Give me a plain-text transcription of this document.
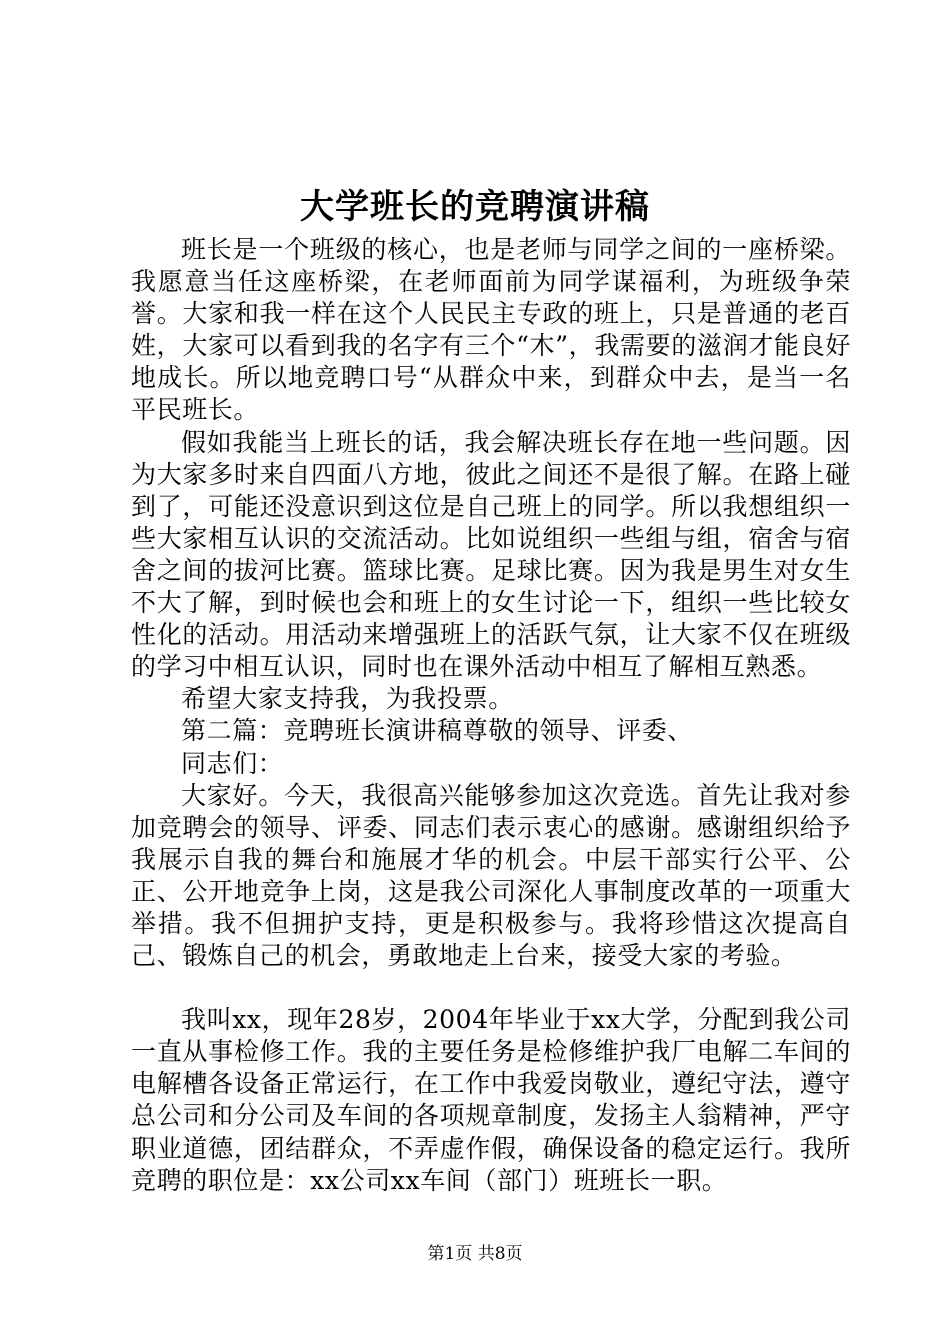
大学班长的竞聘演讲稿

班长是一个班级的核心，也是老师与同学之间的一座桥梁。我愿意当任这座桥梁，在老师面前为同学谋福利，为班级争荣誉。大家和我一样在这个人民民主专政的班上，只是普通的老百姓，大家可以看到我的名字有三个“木”，我需要的滋润才能良好地成长。所以地竞聘口号“从群众中来，到群众中去，是当一名平民班长。

假如我能当上班长的话，我会解决班长存在地一些问题。因为大家多时来自四面八方地，彼此之间还不是很了解。在路上碰到了，可能还没意识到这位是自己班上的同学。所以我想组织一些大家相互认识的交流活动。比如说组织一些组与组，宿舍与宿舍之间的拔河比赛。篮球比赛。足球比赛。因为我是男生对女生不大了解，到时候也会和班上的女生讨论一下，组织一些比较女性化的活动。用活动来增强班上的活跃气氛，让大家不仅在班级的学习中相互认识，同时也在课外活动中相互了解相互熟悉。

希望大家支持我，为我投票。

第二篇：竞聘班长演讲稿尊敬的领导、评委、

同志们：

大家好。今天，我很高兴能够参加这次竞选。首先让我对参加竞聘会的领导、评委、同志们表示衷心的感谢。感谢组织给予我展示自我的舞台和施展才华的机会。中层干部实行公平、公正、公开地竞争上岗，这是我公司深化人事制度改革的一项重大举措。我不但拥护支持，更是积极参与。我将珍惜这次提高自己、锻炼自己的机会，勇敢地走上台来，接受大家的考验。

我叫xx，现年28岁，2004年毕业于xx大学，分配到我公司一直从事检修工作。我的主要任务是检修维护我厂电解二车间的电解槽各设备正常运行，在工作中我爱岗敬业，遵纪守法，遵守总公司和分公司及车间的各项规章制度，发扬主人翁精神，严守职业道德，团结群众，不弄虚作假，确保设备的稳定运行。我所竞聘的职位是：xx公司xx车间（部门）班班长一职。

第1页 共8页
